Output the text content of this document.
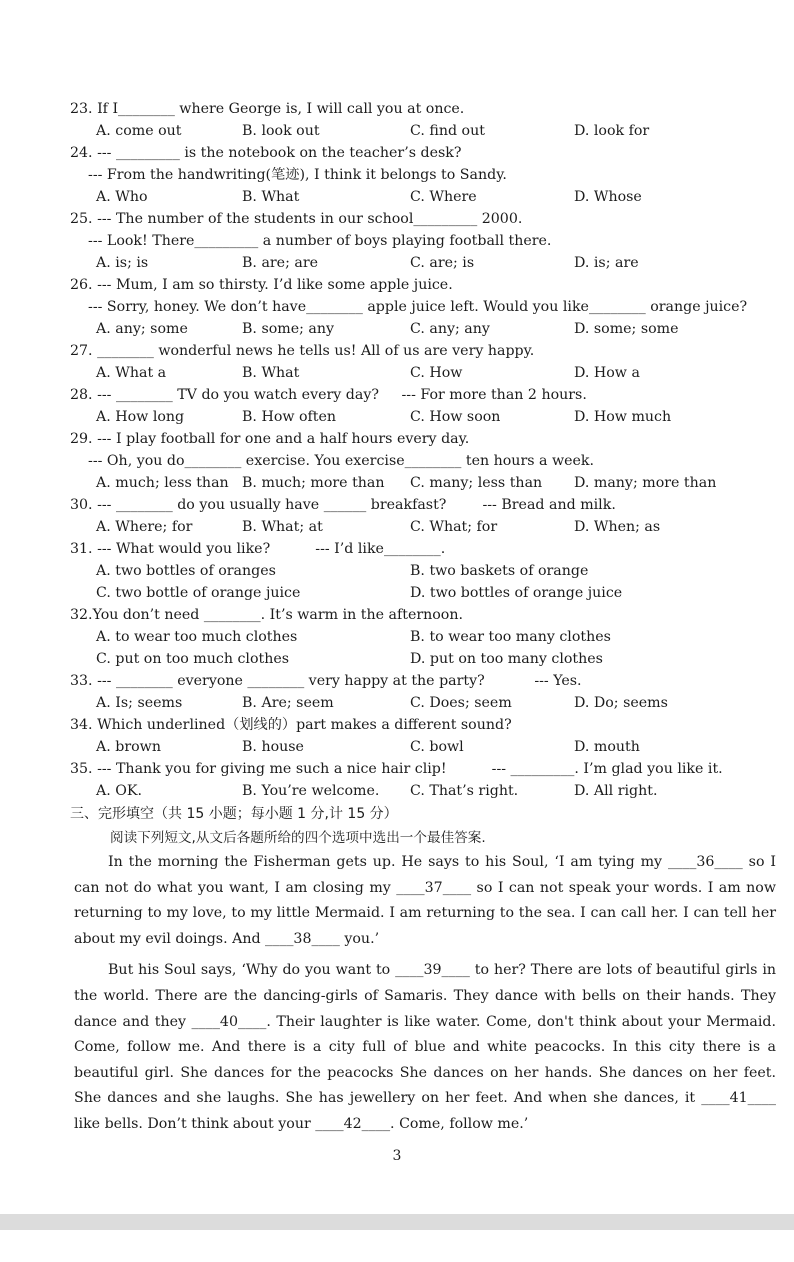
23. If I________ where George is, I will call you at once.
A. come out	B. look out	C. find out	D. look for
24. --- _________ is the notebook on the teacher’s desk?
--- From the handwriting(笔迹), I think it belongs to Sandy.
A. Who	B. What	C. Where	D. Whose
25. --- The number of the students in our school_________ 2000.
--- Look! There_________ a number of boys playing football there.
A. is; is	B. are; are	C. are; is	D. is; are
26. --- Mum, I am so thirsty. I’d like some apple juice.
--- Sorry, honey. We don’t have________ apple juice left. Would you like________ orange juice?
A. any; some	B. some; any	C. any; any	D. some; some
27. ________ wonderful news he tells us! All of us are very happy.
A. What a	B. What	C. How	D. How a
28. --- ________ TV do you watch every day?     --- For more than 2 hours.
A. How long	B. How often	C. How soon	D. How much
29. --- I play football for one and a half hours every day.
--- Oh, you do________ exercise. You exercise________ ten hours a week.
A. much; less than B. much; more than C. many; less than D. many; more than
30. --- ________ do you usually have ______ breakfast?        --- Bread and milk.
A. Where; for	B. What; at	C. What; for	D. When; as
31. --- What would you like?          --- I’d like________.
A. two bottles of oranges	B. two baskets of orange
C. two bottle of orange juice	D. two bottles of orange juice
32.You don’t need ________. It’s warm in the afternoon.
A. to wear too much clothes	B. to wear too many clothes
C. put on too much clothes	D. put on too many clothes
33. --- ________ everyone ________ very happy at the party?           --- Yes.
A. Is; seems	B. Are; seem	C. Does; seem	D. Do; seems
34. Which underlined（划线的）part makes a different sound?
A. brown	B. house	C. bowl	D. mouth
35. --- Thank you for giving me such a nice hair clip!          --- _________. I’m glad you like it.
A. OK.	B. You’re welcome. C. That’s right.	D. All right.
三、完形填空（共 15 小题；每小题 1 分,计 15 分）
阅读下列短文,从文后各题所给的四个选项中选出一个最佳答案.

In the morning the Fisherman gets up. He says to his Soul, ‘I am tying my ____36____ so I can not do what you want, I am closing my ____37____ so I can not speak your words. I am now returning to my love, to my little Mermaid. I am returning to the sea. I can call her. I can tell her about my evil doings. And ____38____ you.’

But his Soul says, ‘Why do you want to ____39____ to her? There are lots of beautiful girls in the world. There are the dancing-girls of Samaris. They dance with bells on their hands. They dance and they ____40____. Their laughter is like water. Come, don't think about your Mermaid. Come, follow me. And there is a city full of blue and white peacocks. In this city there is a beautiful girl. She dances for the peacocks She dances on her hands. She dances on her feet. She dances and she laughs. She has jewellery on her feet. And when she dances, it ____41____ like bells. Don’t think about your ____42____. Come, follow me.’

3
